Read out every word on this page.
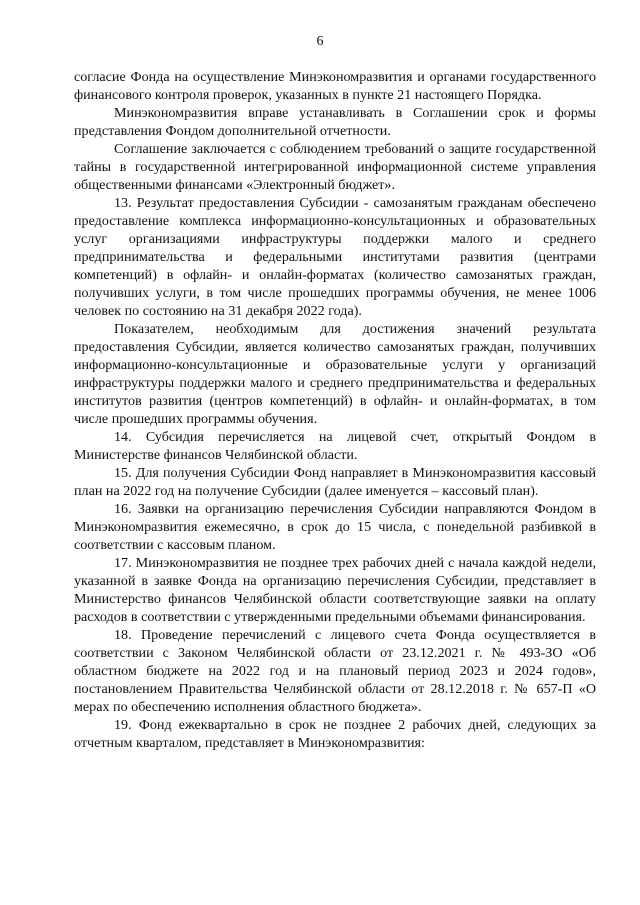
6

согласие Фонда на осуществление Минэкономразвития и органами государственного финансового контроля проверок, указанных в пункте 21 настоящего Порядка.

Минэкономразвития вправе устанавливать в Соглашении срок и формы представления Фондом дополнительной отчетности.

Соглашение заключается с соблюдением требований о защите государственной тайны в государственной интегрированной информационной системе управления общественными финансами «Электронный бюджет».

13. Результат предоставления Субсидии - самозанятым гражданам обеспечено предоставление комплекса информационно-консультационных и образовательных услуг организациями инфраструктуры поддержки малого и среднего предпринимательства и федеральными институтами развития (центрами компетенций) в офлайн- и онлайн-форматах (количество самозанятых граждан, получивших услуги, в том числе прошедших программы обучения, не менее 1006 человек по состоянию на 31 декабря 2022 года).

Показателем, необходимым для достижения значений результата предоставления Субсидии, является количество самозанятых граждан, получивших информационно-консультационные и образовательные услуги у организаций инфраструктуры поддержки малого и среднего предпринимательства и федеральных институтов развития (центров компетенций) в офлайн- и онлайн-форматах, в том числе прошедших программы обучения.

14. Субсидия перечисляется на лицевой счет, открытый Фондом в Министерстве финансов Челябинской области.

15. Для получения Субсидии Фонд направляет в Минэкономразвития кассовый план на 2022 год на получение Субсидии (далее именуется – кассовый план).

16. Заявки на организацию перечисления Субсидии направляются Фондом в Минэкономразвития ежемесячно, в срок до 15 числа, с понедельной разбивкой в соответствии с кассовым планом.

17. Минэкономразвития не позднее трех рабочих дней с начала каждой недели, указанной в заявке Фонда на организацию перечисления Субсидии, представляет в Министерство финансов Челябинской области соответствующие заявки на оплату расходов в соответствии с утвержденными предельными объемами финансирования.

18. Проведение перечислений с лицевого счета Фонда осуществляется в соответствии с Законом Челябинской области от 23.12.2021 г. № 493-ЗО «Об областном бюджете на 2022 год и на плановый период 2023 и 2024 годов», постановлением Правительства Челябинской области от 28.12.2018 г. № 657-П «О мерах по обеспечению исполнения областного бюджета».

19. Фонд ежеквартально в срок не позднее 2 рабочих дней, следующих за отчетным кварталом, представляет в Минэкономразвития:
